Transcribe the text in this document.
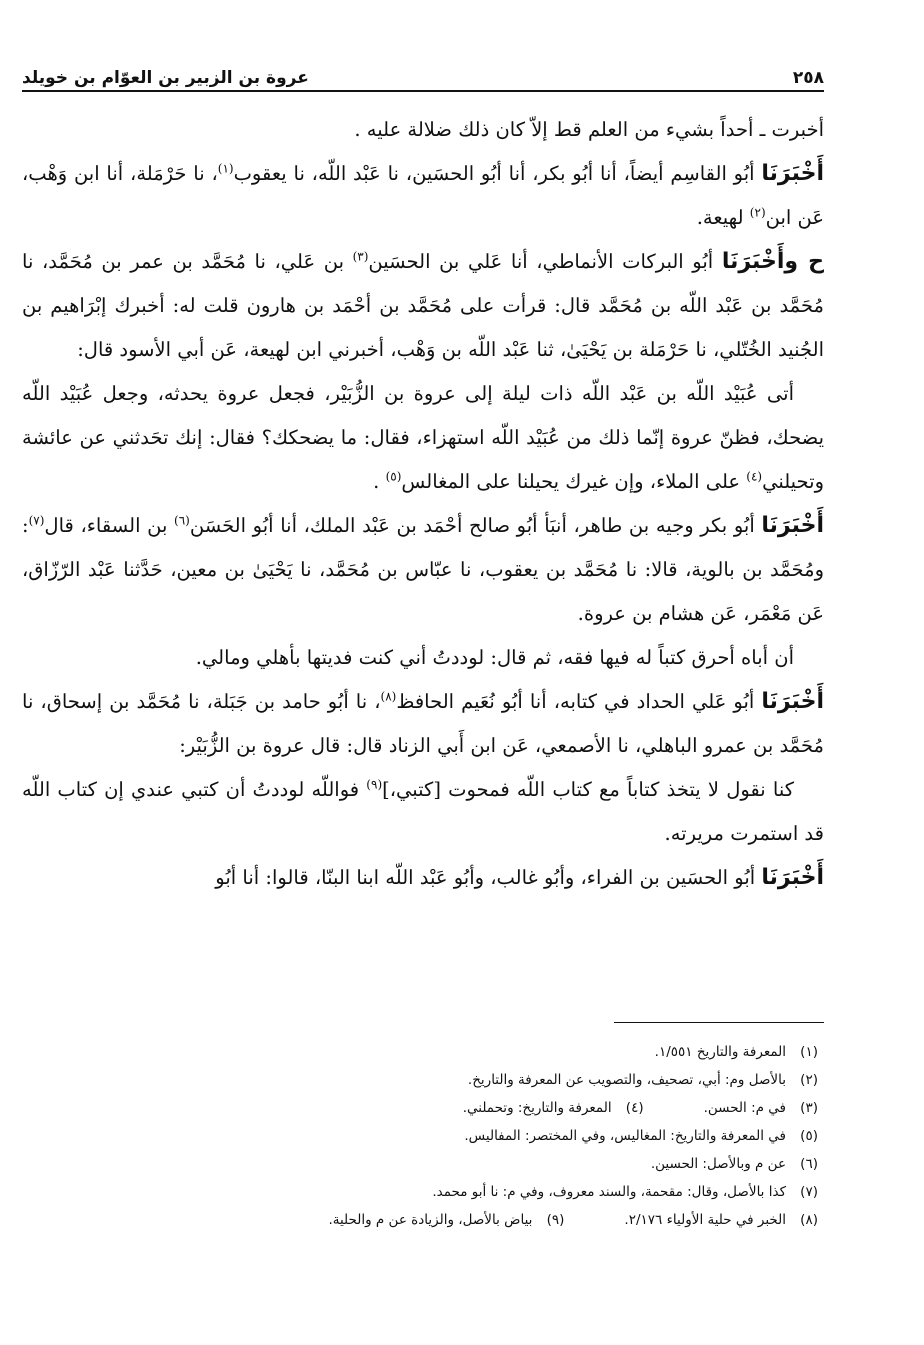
٢٥٨
عروة بن الزبير بن العوّام بن خويلد

أخبرت ـ أحداً بشيء من العلم قط إلاّ كان ذلك ضلالة عليه .

أَخْبَرَنَا أبُو القاسِم أيضاً، أنا أبُو بكر، أنا أبُو الحسَين، نا عَبْد اللّه، نا يعقوب$^{(١)}$، نا حَرْمَلة، أنا ابن وَهْب، عَن ابن$^{(٢)}$ لهيعة.

ح وأَخْبَرَنَا أبُو البركات الأنماطي، أنا عَلي بن الحسَين$^{(٣)}$ بن عَلي، نا مُحَمَّد بن عمر بن مُحَمَّد، نا مُحَمَّد بن عَبْد اللّه بن مُحَمَّد قال: قرأت على مُحَمَّد بن أحْمَد بن هارون قلت له: أخبرك إبْرَاهيم بن الجُنيد الخُتّلي، نا حَرْمَلة بن يَحْيَىٰ، ثنا عَبْد اللّه بن وَهْب، أخبرني ابن لهيعة، عَن أبي الأسود قال:

أتى عُبَيْد اللّه بن عَبْد اللّه ذات ليلة إلى عروة بن الزُّبَيْر، فجعل عروة يحدثه، وجعل عُبَيْد اللّه يضحك، فظنّ عروة إنّما ذلك من عُبَيْد اللّه استهزاء، فقال: ما يضحكك؟ فقال: إنك تحَدثني عن عائشة وتحيلني$^{(٤)}$ على الملاء، وإن غيرك يحيلنا على المغالس$^{(٥)}$ .

أَخْبَرَنَا أبُو بكر وجيه بن طاهر، أنبَأ أبُو صالح أحْمَد بن عَبْد الملك، أنا أبُو الحَسَن$^{(٦)}$ بن السقاء، قال$^{(٧)}$: ومُحَمَّد بن بالوية، قالا: نا مُحَمَّد بن يعقوب، نا عبّاس بن مُحَمَّد، نا يَحْيَىٰ بن معين، حَدَّثنا عَبْد الرّزّاق، عَن مَعْمَر، عَن هشام بن عروة.

أن أباه أحرق كتباً له فيها فقه، ثم قال: لوددتُ أني كنت فديتها بأهلي ومالي.

أَخْبَرَنَا أبُو عَلي الحداد في كتابه، أنا أبُو نُعَيم الحافظ$^{(٨)}$، نا أبُو حامد بن جَبَلة، نا مُحَمَّد بن إسحاق، نا مُحَمَّد بن عمرو الباهلي، نا الأصمعي، عَن ابن أَبي الزناد قال: قال عروة بن الزُّبَيْر:

كنا نقول لا يتخذ كتاباً مع كتاب اللّه فمحوت [كتبي،]$^{(٩)}$ فواللّه لوددتُ أن كتبي عندي إن كتاب اللّه قد استمرت مريرته.

أَخْبَرَنَا أبُو الحسَين بن الفراء، وأبُو غالب، وأبُو عَبْد اللّه ابنا البنّا، قالوا: أنا أبُو

(١)
المعرفة والتاريخ ١/٥٥١.
(٢)
بالأصل وم: أبي، تصحيف، والتصويب عن المعرفة والتاريخ.
(٣)
في م: الحسن.
(٤)
المعرفة والتاريخ: وتحملني.
(٥)
في المعرفة والتاريخ: المغاليس، وفي المختصر: المفاليس.
(٦)
عن م وبالأصل: الحسين.
(٧)
كذا بالأصل، وقال: مقحمة، والسند معروف، وفي م: نا أبو محمد.
(٨)
الخبر في حلية الأولياء ٢/١٧٦.
(٩)
بياض بالأصل، والزيادة عن م والحلية.
